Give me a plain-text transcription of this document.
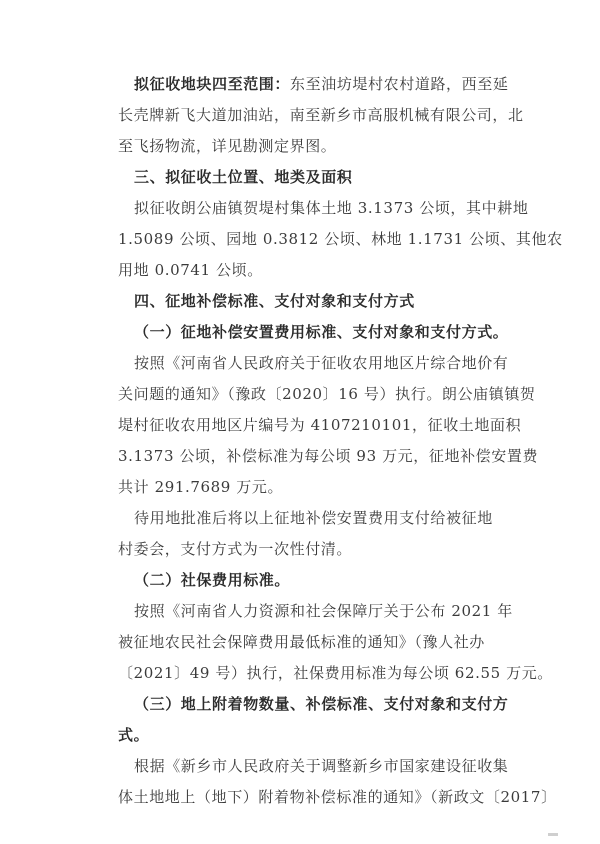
拟征收地块四至范围：东至油坊堤村农村道路，西至延
长壳牌新飞大道加油站，南至新乡市高服机械有限公司，北
至飞扬物流，详见勘测定界图。
三、拟征收土位置、地类及面积
拟征收朗公庙镇贺堤村集体土地 3.1373 公顷，其中耕地
1.5089 公顷、园地 0.3812 公顷、林地 1.1731 公顷、其他农
用地 0.0741 公顷。
四、征地补偿标准、支付对象和支付方式
（一）征地补偿安置费用标准、支付对象和支付方式。
按照《河南省人民政府关于征收农用地区片综合地价有
关问题的通知》（豫政〔2020〕16 号）执行。朗公庙镇镇贺
堤村征收农用地区片编号为 4107210101，征收土地面积
3.1373 公顷，补偿标准为每公顷 93 万元，征地补偿安置费
共计 291.7689 万元。
待用地批准后将以上征地补偿安置费用支付给被征地
村委会，支付方式为一次性付清。
（二）社保费用标准。
按照《河南省人力资源和社会保障厅关于公布 2021 年
被征地农民社会保障费用最低标准的通知》（豫人社办
〔2021〕49 号）执行，社保费用标准为每公顷 62.55 万元。
（三）地上附着物数量、补偿标准、支付对象和支付方
式。
根据《新乡市人民政府关于调整新乡市国家建设征收集
体土地地上（地下）附着物补偿标准的通知》（新政文〔2017〕
